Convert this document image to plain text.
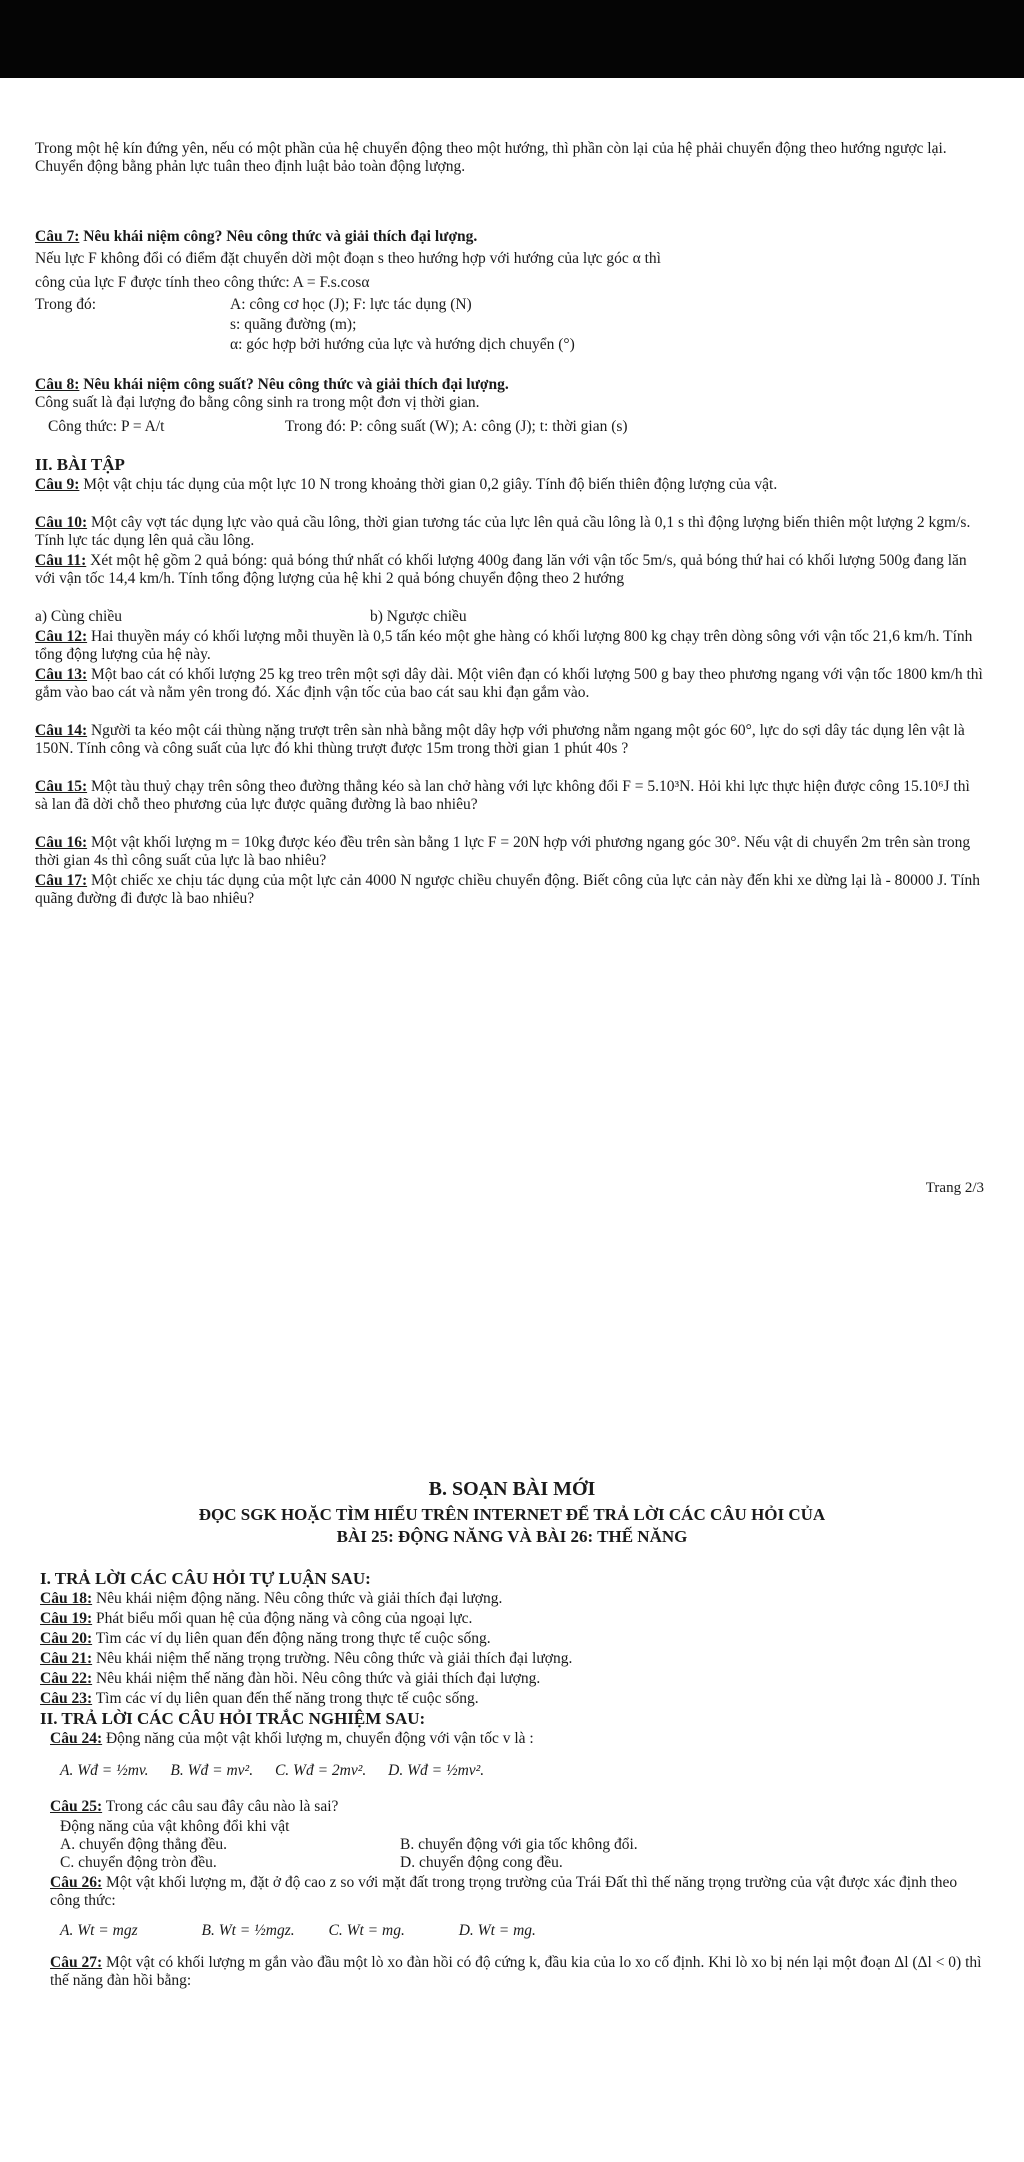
Trong một hệ kín đứng yên, nếu có một phần của hệ chuyển động theo một hướng, thì phần còn lại của hệ phải chuyển động theo hướng ngược lại. Chuyển động bằng phản lực tuân theo định luật bảo toàn động lượng.
Câu 7: Nêu khái niệm công? Nêu công thức và giải thích đại lượng.
Nếu lực F không đổi có điểm đặt chuyển dời một đoạn s theo hướng hợp với hướng của lực góc α thì
công của lực F được tính theo công thức: A = F.s.cosα
Trong đó:	A: công cơ học (J); F: lực tác dụng (N)
s: quãng đường (m);
α: góc hợp bởi hướng của lực và hướng dịch chuyển (°)
Câu 8: Nêu khái niệm công suất? Nêu công thức và giải thích đại lượng.
Công suất là đại lượng đo bằng công sinh ra trong một đơn vị thời gian.
Công thức: P = A/t	Trong đó: P: công suất (W); A: công (J); t: thời gian (s)
II. BÀI TẬP
Câu 9: Một vật chịu tác dụng của một lực 10 N trong khoảng thời gian 0,2 giây. Tính độ biến thiên động lượng của vật.
Câu 10: Một cây vợt tác dụng lực vào quả cầu lông, thời gian tương tác của lực lên quả cầu lông là 0,1 s thì động lượng biến thiên một lượng 2 kgm/s. Tính lực tác dụng lên quả cầu lông.
Câu 11: Xét một hệ gồm 2 quả bóng: quả bóng thứ nhất có khối lượng 400g đang lăn với vận tốc 5m/s, quả bóng thứ hai có khối lượng 500g đang lăn với vận tốc 14,4 km/h. Tính tổng động lượng của hệ khi 2 quả bóng chuyển động theo 2 hướng
a) Cùng chiều	b) Ngược chiều
Câu 12: Hai thuyền máy có khối lượng mỗi thuyền là 0,5 tấn kéo một ghe hàng có khối lượng 800 kg chạy trên dòng sông với vận tốc 21,6 km/h. Tính tổng động lượng của hệ này.
Câu 13: Một bao cát có khối lượng 25 kg treo trên một sợi dây dài. Một viên đạn có khối lượng 500 g bay theo phương ngang với vận tốc 1800 km/h thì gắm vào bao cát và nằm yên trong đó. Xác định vận tốc của bao cát sau khi đạn gắm vào.
Câu 14: Người ta kéo một cái thùng nặng trượt trên sàn nhà bằng một dây hợp với phương nằm ngang một góc 60°, lực do sợi dây tác dụng lên vật là 150N. Tính công và công suất của lực đó khi thùng trượt được 15m trong thời gian 1 phút 40s ?
Câu 15: Một tàu thuỷ chạy trên sông theo đường thẳng kéo sà lan chở hàng với lực không đổi F = 5.10³N. Hỏi khi lực thực hiện được công 15.10⁶J thì sà lan đã dời chỗ theo phương của lực được quãng đường là bao nhiêu?
Câu 16: Một vật khối lượng m = 10kg được kéo đều trên sàn bằng 1 lực F = 20N hợp với phương ngang góc 30°. Nếu vật di chuyển 2m trên sàn trong thời gian 4s thì công suất của lực là bao nhiêu?
Câu 17: Một chiếc xe chịu tác dụng của một lực cản 4000 N ngược chiều chuyển động. Biết công của lực cản này đến khi xe dừng lại là - 80000 J. Tính quãng đường đi được là bao nhiêu?
Trang 2/3
B. SOẠN BÀI MỚI
ĐỌC SGK HOẶC TÌM HIỂU TRÊN INTERNET ĐỂ TRẢ LỜI CÁC CÂU HỎI CỦA
BÀI 25: ĐỘNG NĂNG VÀ BÀI 26: THẾ NĂNG
I. TRẢ LỜI CÁC CÂU HỎI TỰ LUẬN SAU:
Câu 18: Nêu khái niệm động năng. Nêu công thức và giải thích đại lượng.
Câu 19: Phát biểu mối quan hệ của động năng và công của ngoại lực.
Câu 20: Tìm các ví dụ liên quan đến động năng trong thực tế cuộc sống.
Câu 21: Nêu khái niệm thế năng trọng trường. Nêu công thức và giải thích đại lượng.
Câu 22: Nêu khái niệm thế năng đàn hồi. Nêu công thức và giải thích đại lượng.
Câu 23: Tìm các ví dụ liên quan đến thế năng trong thực tế cuộc sống.
II. TRẢ LỜI CÁC CÂU HỎI TRẮC NGHIỆM SAU:
Câu 24: Động năng của một vật khối lượng m, chuyển động với vận tốc v là :
A. Wđ = ½mv. B. Wđ = mv². C. Wđ = 2mv². D. Wđ = ½mv².
Câu 25: Trong các câu sau đây câu nào là sai?
Động năng của vật không đổi khi vật
A. chuyển động thẳng đều.	B. chuyển động với gia tốc không đổi.
C. chuyển động tròn đều.	D. chuyển động cong đều.
Câu 26: Một vật khối lượng m, đặt ở độ cao z so với mặt đất trong trọng trường của Trái Đất thì thế năng trọng trường của vật được xác định theo công thức:
A. Wt = mgz	B. Wt = ½mgz. C. Wt = mg.	D. Wt = mg.
Câu 27: Một vật có khối lượng m gắn vào đầu một lò xo đàn hồi có độ cứng k, đầu kia của lo xo cố định. Khi lò xo bị nén lại một đoạn Δl (Δl < 0) thì thế năng đàn hồi bằng:
